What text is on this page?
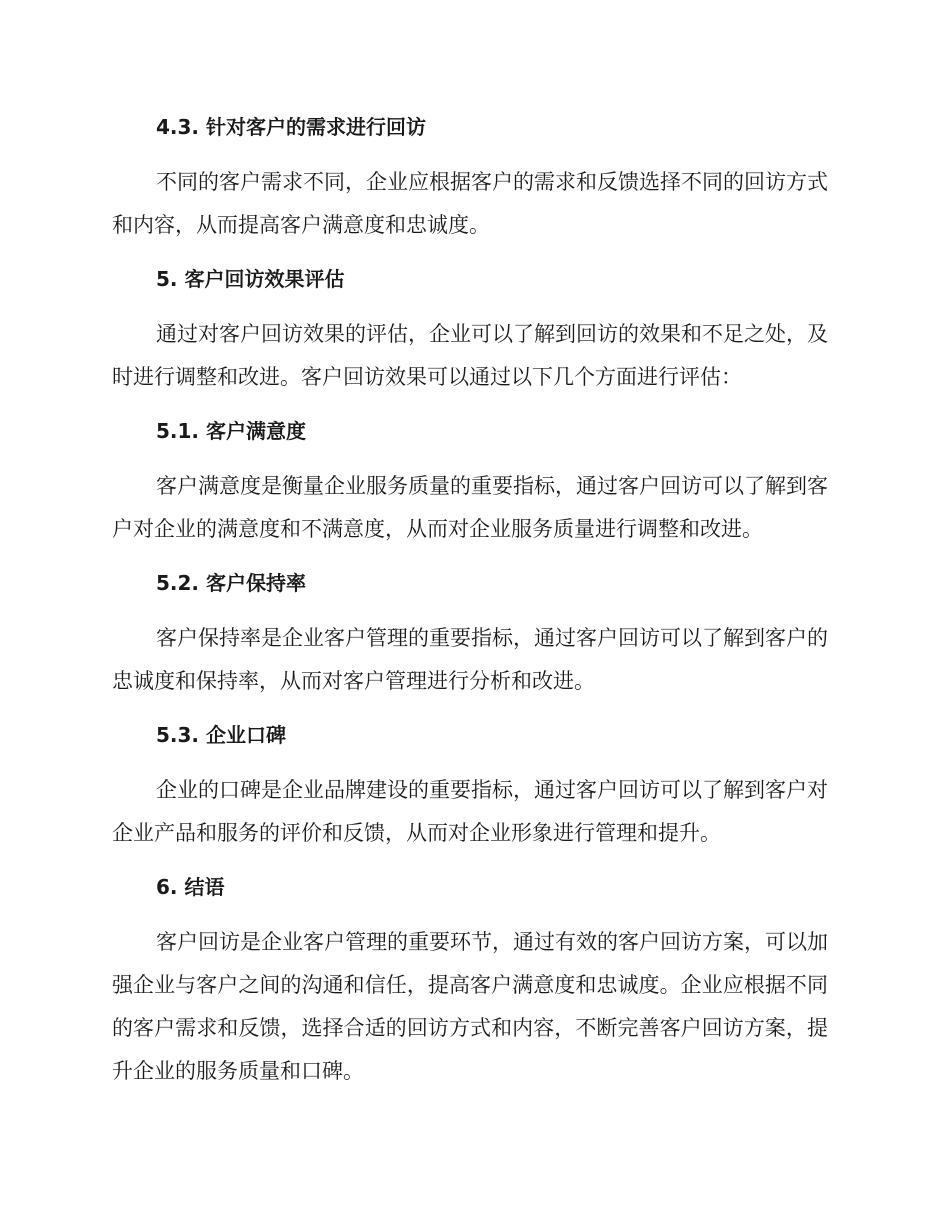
4.3. 针对客户的需求进行回访
不同的客户需求不同，企业应根据客户的需求和反馈选择不同的回访方式和内容，从而提高客户满意度和忠诚度。
5. 客户回访效果评估
通过对客户回访效果的评估，企业可以了解到回访的效果和不足之处，及时进行调整和改进。客户回访效果可以通过以下几个方面进行评估：
5.1. 客户满意度
客户满意度是衡量企业服务质量的重要指标，通过客户回访可以了解到客户对企业的满意度和不满意度，从而对企业服务质量进行调整和改进。
5.2. 客户保持率
客户保持率是企业客户管理的重要指标，通过客户回访可以了解到客户的忠诚度和保持率，从而对客户管理进行分析和改进。
5.3. 企业口碑
企业的口碑是企业品牌建设的重要指标，通过客户回访可以了解到客户对企业产品和服务的评价和反馈，从而对企业形象进行管理和提升。
6. 结语
客户回访是企业客户管理的重要环节，通过有效的客户回访方案，可以加强企业与客户之间的沟通和信任，提高客户满意度和忠诚度。企业应根据不同的客户需求和反馈，选择合适的回访方式和内容，不断完善客户回访方案，提升企业的服务质量和口碑。
